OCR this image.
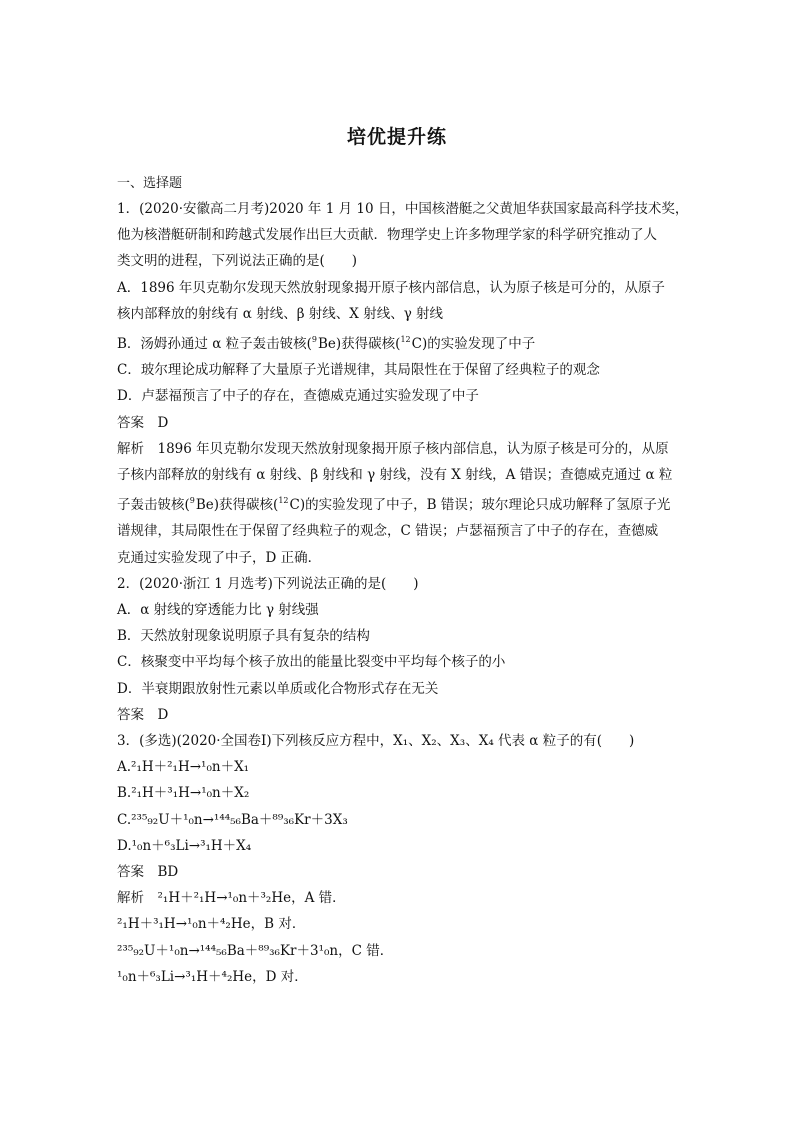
培优提升练
一、选择题

1．(2020·安徽高二月考)2020 年 1 月 10 日，中国核潜艇之父黄旭华获国家最高科学技术奖，

他为核潜艇研制和跨越式发展作出巨大贡献．物理学史上许多物理学家的科学研究推动了人

类文明的进程，下列说法正确的是(　　)

A．1896 年贝克勒尔发现天然放射现象揭开原子核内部信息，认为原子核是可分的，从原子

核内部释放的射线有 α 射线、β 射线、X 射线、γ 射线

B．汤姆孙通过 α 粒子轰击铍核(9Be)获得碳核(12C)的实验发现了中子

C．玻尔理论成功解释了大量原子光谱规律，其局限性在于保留了经典粒子的观念

D．卢瑟福预言了中子的存在，查德威克通过实验发现了中子

答案　D

解析　1896 年贝克勒尔发现天然放射现象揭开原子核内部信息，认为原子核是可分的，从原

子核内部释放的射线有 α 射线、β 射线和 γ 射线，没有 X 射线，A 错误；查德威克通过 α 粒

子轰击铍核(9Be)获得碳核(12C)的实验发现了中子，B 错误；玻尔理论只成功解释了氢原子光

谱规律，其局限性在于保留了经典粒子的观念，C 错误；卢瑟福预言了中子的存在，查德威

克通过实验发现了中子，D 正确．

2．(2020·浙江 1 月选考)下列说法正确的是(　　)

A．α 射线的穿透能力比 γ 射线强

B．天然放射现象说明原子具有复杂的结构

C．核聚变中平均每个核子放出的能量比裂变中平均每个核子的小

D．半衰期跟放射性元素以单质或化合物形式存在无关

答案　D

3．(多选)(2020·全国卷Ⅰ)下列核反应方程中，X₁、X₂、X₃、X₄ 代表 α 粒子的有(　　)

A.²₁H＋²₁H→¹₀n＋X₁

B.²₁H＋³₁H→¹₀n＋X₂

C.²³⁵₉₂U＋¹₀n→¹⁴⁴₅₆Ba＋⁸⁹₃₆Kr＋3X₃

D.¹₀n＋⁶₃Li→³₁H＋X₄

答案　BD

解析　²₁H＋²₁H→¹₀n＋³₂He，A 错．

²₁H＋³₁H→¹₀n＋⁴₂He，B 对．

²³⁵₉₂U＋¹₀n→¹⁴⁴₅₆Ba＋⁸⁹₃₆Kr＋3¹₀n，C 错．

¹₀n＋⁶₃Li→³₁H＋⁴₂He，D 对．
